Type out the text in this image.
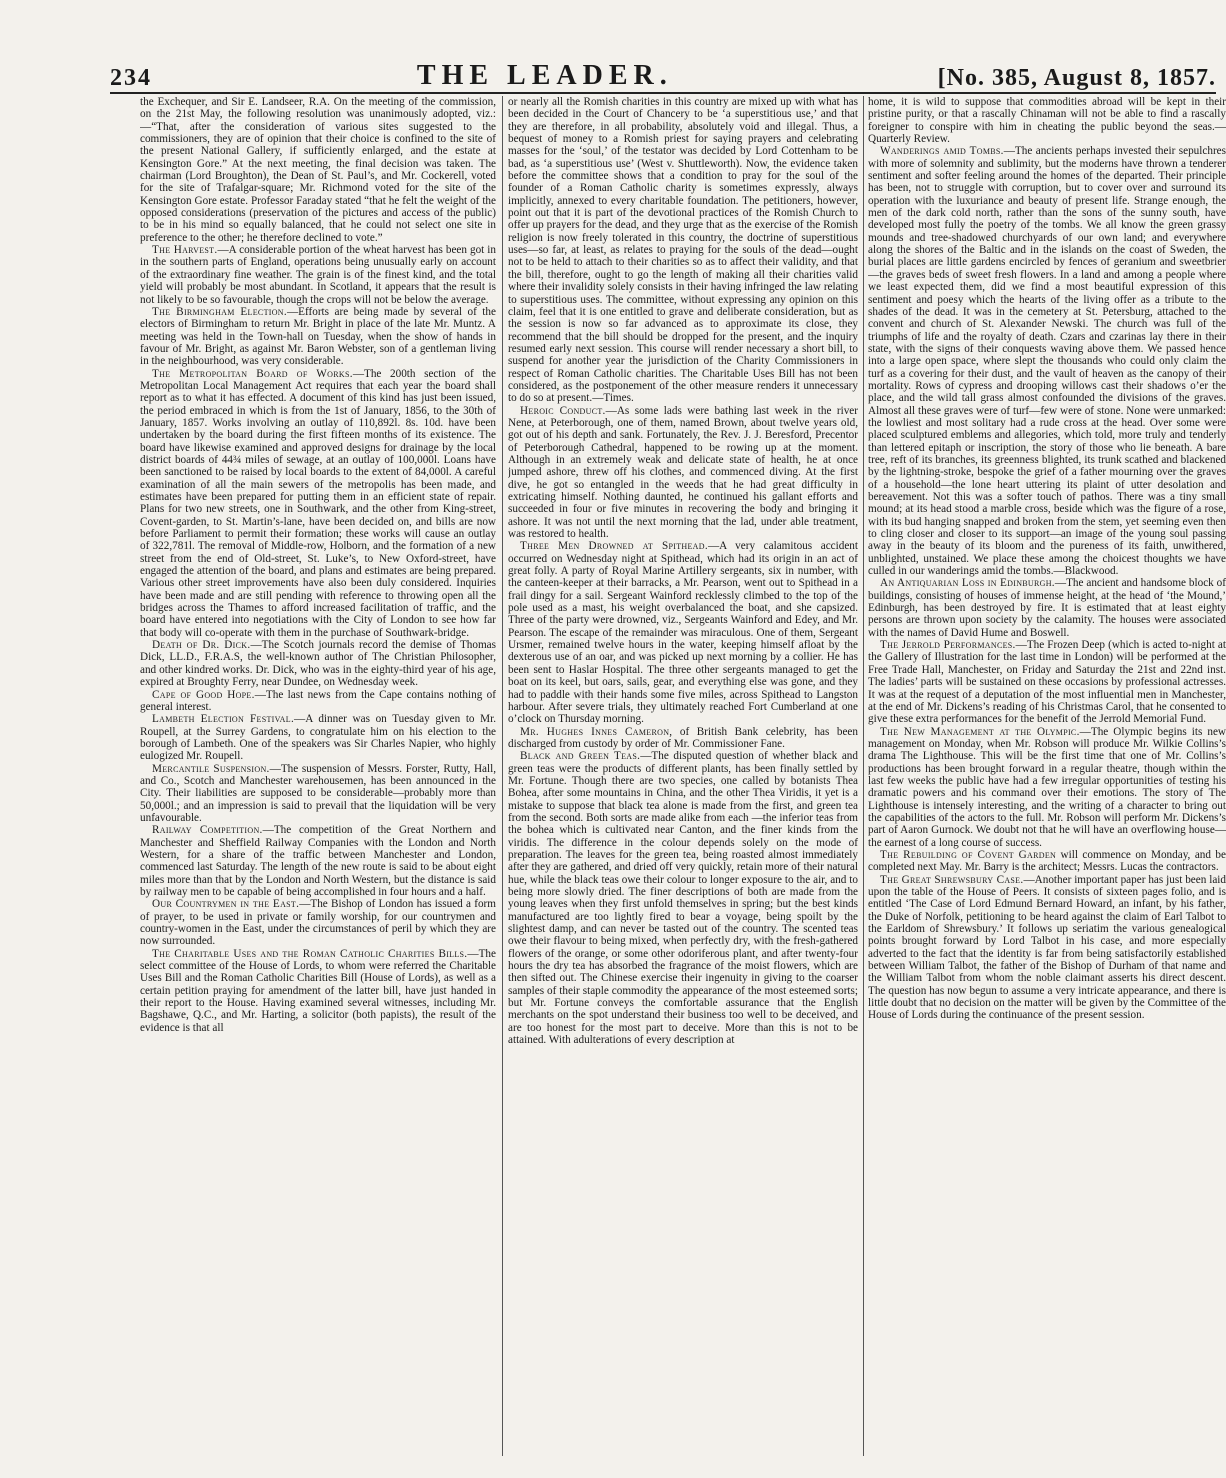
234	THE LEADER.	[No. 385, August 8, 1857.

the Exchequer, and Sir E. Landseer, R.A. On the meeting of the commission, on the 21st May, the following resolution was unanimously adopted, viz.:—“That, after the consideration of various sites suggested to the commissioners, they are of opinion that their choice is confined to the site of the present National Gallery, if sufficiently enlarged, and the estate at Kensington Gore.” At the next meeting, the final decision was taken. The chairman (Lord Broughton), the Dean of St. Paul’s, and Mr. Cockerell, voted for the site of Trafalgar-square; Mr. Richmond voted for the site of the Kensington Gore estate. Professor Faraday stated “that he felt the weight of the opposed considerations (preservation of the pictures and access of the public) to be in his mind so equally balanced, that he could not select one site in preference to the other; he therefore declined to vote.”

The Harvest.—A considerable portion of the wheat harvest has been got in in the southern parts of England, operations being unusually early on account of the extraordinary fine weather. The grain is of the finest kind, and the total yield will probably be most abundant. In Scotland, it appears that the result is not likely to be so favourable, though the crops will not be below the average.

The Birmingham Election.—Efforts are being made by several of the electors of Birmingham to return Mr. Bright in place of the late Mr. Muntz. A meeting was held in the Town-hall on Tuesday, when the show of hands in favour of Mr. Bright, as against Mr. Baron Webster, son of a gentleman living in the neighbourhood, was very considerable.

The Metropolitan Board of Works.—The 200th section of the Metropolitan Local Management Act requires that each year the board shall report as to what it has effected. A document of this kind has just been issued, the period embraced in which is from the 1st of January, 1856, to the 30th of January, 1857. Works involving an outlay of 110,892l. 8s. 10d. have been undertaken by the board during the first fifteen months of its existence. The board have likewise examined and approved designs for drainage by the local district boards of 44¾ miles of sewage, at an outlay of 100,000l. Loans have been sanctioned to be raised by local boards to the extent of 84,000l. A careful examination of all the main sewers of the metropolis has been made, and estimates have been prepared for putting them in an efficient state of repair. Plans for two new streets, one in Southwark, and the other from King-street, Covent-garden, to St. Martin’s-lane, have been decided on, and bills are now before Parliament to permit their formation; these works will cause an outlay of 322,781l. The removal of Middle-row, Holborn, and the formation of a new street from the end of Old-street, St. Luke’s, to New Oxford-street, have engaged the attention of the board, and plans and estimates are being prepared. Various other street improvements have also been duly considered. Inquiries have been made and are still pending with reference to throwing open all the bridges across the Thames to afford increased facilitation of traffic, and the board have entered into negotiations with the City of London to see how far that body will co-operate with them in the purchase of Southwark-bridge.

Death of Dr. Dick.—The Scotch journals record the demise of Thomas Dick, LL.D., F.R.A.S, the well-known author of The Christian Philosopher, and other kindred works. Dr. Dick, who was in the eighty-third year of his age, expired at Broughty Ferry, near Dundee, on Wednesday week.

Cape of Good Hope.—The last news from the Cape contains nothing of general interest.

Lambeth Election Festival.—A dinner was on Tuesday given to Mr. Roupell, at the Surrey Gardens, to congratulate him on his election to the borough of Lambeth. One of the speakers was Sir Charles Napier, who highly eulogized Mr. Roupell.

Mercantile Suspension.—The suspension of Messrs. Forster, Rutty, Hall, and Co., Scotch and Manchester warehousemen, has been announced in the City. Their liabilities are supposed to be considerable—probably more than 50,000l.; and an impression is said to prevail that the liquidation will be very unfavourable.

Railway Competition.—The competition of the Great Northern and Manchester and Sheffield Railway Companies with the London and North Western, for a share of the traffic between Manchester and London, commenced last Saturday. The length of the new route is said to be about eight miles more than that by the London and North Western, but the distance is said by railway men to be capable of being accomplished in four hours and a half.

Our Countrymen in the East.—The Bishop of London has issued a form of prayer, to be used in private or family worship, for our countrymen and country-women in the East, under the circumstances of peril by which they are now surrounded.

The Charitable Uses and the Roman Catholic Charities Bills.—The select committee of the House of Lords, to whom were referred the Charitable Uses Bill and the Roman Catholic Charities Bill (House of Lords), as well as a certain petition praying for amendment of the latter bill, have just handed in their report to the House. Having examined several witnesses, including Mr. Bagshawe, Q.C., and Mr. Harting, a solicitor (both papists), the result of the evidence is that all

or nearly all the Romish charities in this country are mixed up with what has been decided in the Court of Chancery to be ‘a superstitious use,’ and that they are therefore, in all probability, absolutely void and illegal. Thus, a bequest of money to a Romish priest for saying prayers and celebrating masses for the ‘soul,’ of the testator was decided by Lord Cottenham to be bad, as ‘a superstitious use’ (West v. Shuttleworth). Now, the evidence taken before the committee shows that a condition to pray for the soul of the founder of a Roman Catholic charity is sometimes expressly, always implicitly, annexed to every charitable foundation. The petitioners, however, point out that it is part of the devotional practices of the Romish Church to offer up prayers for the dead, and they urge that as the exercise of the Romish religion is now freely tolerated in this country, the doctrine of superstitious uses—so far, at least, as relates to praying for the souls of the dead—ought not to be held to attach to their charities so as to affect their validity, and that the bill, therefore, ought to go the length of making all their charities valid where their invalidity solely consists in their having infringed the law relating to superstitious uses. The committee, without expressing any opinion on this claim, feel that it is one entitled to grave and deliberate consideration, but as the session is now so far advanced as to approximate its close, they recommend that the bill should be dropped for the present, and the inquiry resumed early next session. This course will render necessary a short bill, to suspend for another year the jurisdiction of the Charity Commissioners in respect of Roman Catholic charities. The Charitable Uses Bill has not been considered, as the postponement of the other measure renders it unnecessary to do so at present.—Times.

Heroic Conduct.—As some lads were bathing last week in the river Nene, at Peterborough, one of them, named Brown, about twelve years old, got out of his depth and sank. Fortunately, the Rev. J. J. Beresford, Precentor of Peterborough Cathedral, happened to be rowing up at the moment. Although in an extremely weak and delicate state of health, he at once jumped ashore, threw off his clothes, and commenced diving. At the first dive, he got so entangled in the weeds that he had great difficulty in extricating himself. Nothing daunted, he continued his gallant efforts and succeeded in four or five minutes in recovering the body and bringing it ashore. It was not until the next morning that the lad, under able treatment, was restored to health.

Three Men Drowned at Spithead.—A very calamitous accident occurred on Wednesday night at Spithead, which had its origin in an act of great folly. A party of Royal Marine Artillery sergeants, six in number, with the canteen-keeper at their barracks, a Mr. Pearson, went out to Spithead in a frail dingy for a sail. Sergeant Wainford recklessly climbed to the top of the pole used as a mast, his weight overbalanced the boat, and she capsized. Three of the party were drowned, viz., Sergeants Wainford and Edey, and Mr. Pearson. The escape of the remainder was miraculous. One of them, Sergeant Ursmer, remained twelve hours in the water, keeping himself afloat by the dexterous use of an oar, and was picked up next morning by a collier. He has been sent to Haslar Hospital. The three other sergeants managed to get the boat on its keel, but oars, sails, gear, and everything else was gone, and they had to paddle with their hands some five miles, across Spithead to Langston harbour. After severe trials, they ultimately reached Fort Cumberland at one o’clock on Thursday morning.

Mr. Hughes Innes Cameron, of British Bank celebrity, has been discharged from custody by order of Mr. Commissioner Fane.

Black and Green Teas.—The disputed question of whether black and green teas were the products of different plants, has been finally settled by Mr. Fortune. Though there are two species, one called by botanists Thea Bohea, after some mountains in China, and the other Thea Viridis, it yet is a mistake to suppose that black tea alone is made from the first, and green tea from the second. Both sorts are made alike from each —the inferior teas from the bohea which is cultivated near Canton, and the finer kinds from the viridis. The difference in the colour depends solely on the mode of preparation. The leaves for the green tea, being roasted almost immediately after they are gathered, and dried off very quickly, retain more of their natural hue, while the black teas owe their colour to longer exposure to the air, and to being more slowly dried. The finer descriptions of both are made from the young leaves when they first unfold themselves in spring; but the best kinds manufactured are too lightly fired to bear a voyage, being spoilt by the slightest damp, and can never be tasted out of the country. The scented teas owe their flavour to being mixed, when perfectly dry, with the fresh-gathered flowers of the orange, or some other odoriferous plant, and after twenty-four hours the dry tea has absorbed the fragrance of the moist flowers, which are then sifted out. The Chinese exercise their ingenuity in giving to the coarser samples of their staple commodity the appearance of the most esteemed sorts; but Mr. Fortune conveys the comfortable assurance that the English merchants on the spot understand their business too well to be deceived, and are too honest for the most part to deceive. More than this is not to be attained. With adulterations of every description at

home, it is wild to suppose that commodities abroad will be kept in their pristine purity, or that a rascally Chinaman will not be able to find a rascally foreigner to conspire with him in cheating the public beyond the seas.—Quarterly Review.

Wanderings amid Tombs.—The ancients perhaps invested their sepulchres with more of solemnity and sublimity, but the moderns have thrown a tenderer sentiment and softer feeling around the homes of the departed. Their principle has been, not to struggle with corruption, but to cover over and surround its operation with the luxuriance and beauty of present life. Strange enough, the men of the dark cold north, rather than the sons of the sunny south, have developed most fully the poetry of the tombs. We all know the green grassy mounds and tree-shadowed churchyards of our own land; and everywhere along the shores of the Baltic and in the islands on the coast of Sweden, the burial places are little gardens encircled by fences of geranium and sweetbrier—the graves beds of sweet fresh flowers. In a land and among a people where we least expected them, did we find a most beautiful expression of this sentiment and poesy which the hearts of the living offer as a tribute to the shades of the dead. It was in the cemetery at St. Petersburg, attached to the convent and church of St. Alexander Newski. The church was full of the triumphs of life and the royalty of death. Czars and czarinas lay there in their state, with the signs of their conquests waving above them. We passed hence into a large open space, where slept the thousands who could only claim the turf as a covering for their dust, and the vault of heaven as the canopy of their mortality. Rows of cypress and drooping willows cast their shadows o’er the place, and the wild tall grass almost confounded the divisions of the graves. Almost all these graves were of turf—few were of stone. None were unmarked: the lowliest and most solitary had a rude cross at the head. Over some were placed sculptured emblems and allegories, which told, more truly and tenderly than lettered epitaph or inscription, the story of those who lie beneath. A bare tree, reft of its branches, its greenness blighted, its trunk scathed and blackened by the lightning-stroke, bespoke the grief of a father mourning over the graves of a household—the lone heart uttering its plaint of utter desolation and bereavement. Not this was a softer touch of pathos. There was a tiny small mound; at its head stood a marble cross, beside which was the figure of a rose, with its bud hanging snapped and broken from the stem, yet seeming even then to cling closer and closer to its support—an image of the young soul passing away in the beauty of its bloom and the pureness of its faith, unwithered, unblighted, unstained. We place these among the choicest thoughts we have culled in our wanderings amid the tombs.—Blackwood.

An Antiquarian Loss in Edinburgh.—The ancient and handsome block of buildings, consisting of houses of immense height, at the head of ‘the Mound,’ Edinburgh, has been destroyed by fire. It is estimated that at least eighty persons are thrown upon society by the calamity. The houses were associated with the names of David Hume and Boswell.

The Jerrold Performances.—The Frozen Deep (which is acted to-night at the Gallery of Illustration for the last time in London) will be performed at the Free Trade Hall, Manchester, on Friday and Saturday the 21st and 22nd inst. The ladies’ parts will be sustained on these occasions by professional actresses. It was at the request of a deputation of the most influential men in Manchester, at the end of Mr. Dickens’s reading of his Christmas Carol, that he consented to give these extra performances for the benefit of the Jerrold Memorial Fund.

The New Management at the Olympic.—The Olympic begins its new management on Monday, when Mr. Robson will produce Mr. Wilkie Collins’s drama The Lighthouse. This will be the first time that one of Mr. Collins’s productions has been brought forward in a regular theatre, though within the last few weeks the public have had a few irregular opportunities of testing his dramatic powers and his command over their emotions. The story of The Lighthouse is intensely interesting, and the writing of a character to bring out the capabilities of the actors to the full. Mr. Robson will perform Mr. Dickens’s part of Aaron Gurnock. We doubt not that he will have an overflowing house—the earnest of a long course of success.

The Rebuilding of Covent Garden will commence on Monday, and be completed next May. Mr. Barry is the architect; Messrs. Lucas the contractors.

The Great Shrewsbury Case.—Another important paper has just been laid upon the table of the House of Peers. It consists of sixteen pages folio, and is entitled ‘The Case of Lord Edmund Bernard Howard, an infant, by his father, the Duke of Norfolk, petitioning to be heard against the claim of Earl Talbot to the Earldom of Shrewsbury.’ It follows up seriatim the various genealogical points brought forward by Lord Talbot in his case, and more especially adverted to the fact that the identity is far from being satisfactorily established between William Talbot, the father of the Bishop of Durham of that name and the William Talbot from whom the noble claimant asserts his direct descent. The question has now begun to assume a very intricate appearance, and there is little doubt that no decision on the matter will be given by the Committee of the House of Lords during the continuance of the present session.
